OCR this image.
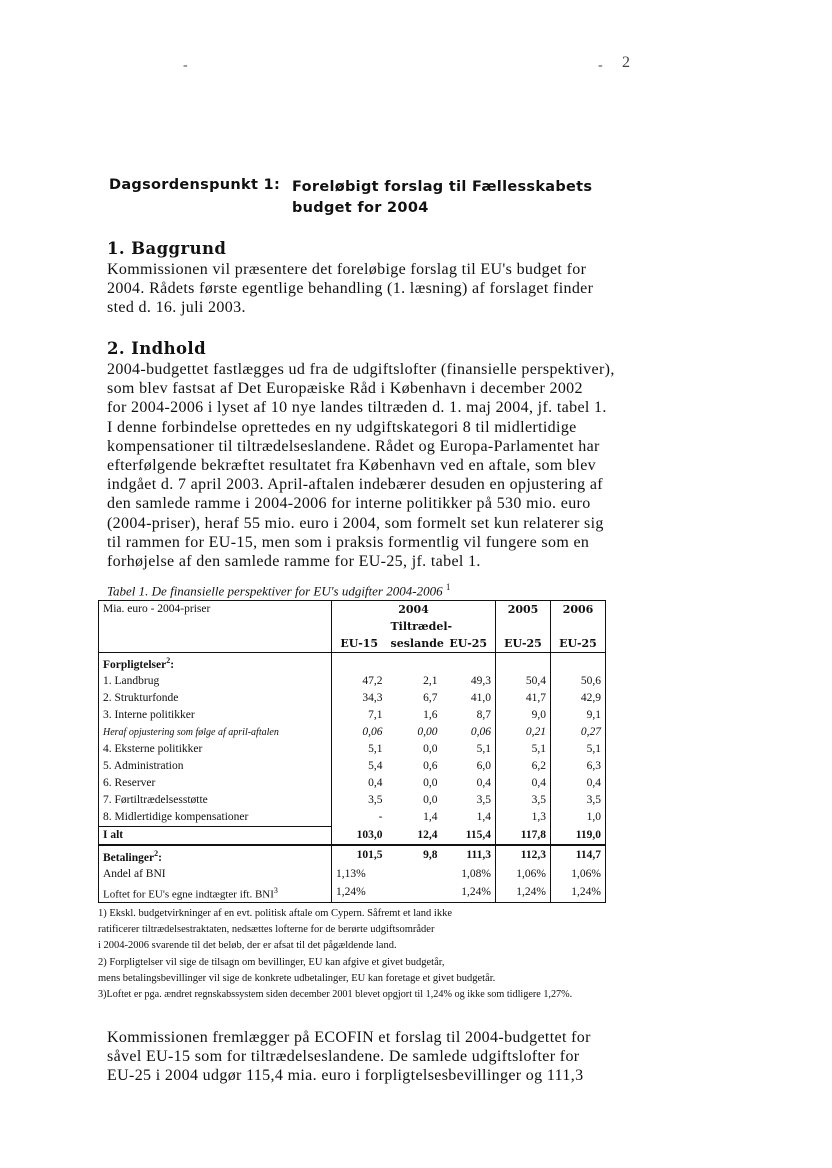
-	- 2
Dagsordenspunkt 1: Foreløbigt forslag til Fællesskabets budget for 2004
1. Baggrund

Kommissionen vil præsentere det foreløbige forslag til EU's budget for

2004. Rådets første egentlige behandling (1. læsning) af forslaget finder

sted d. 16. juli 2003.

2. Indhold

2004-budgettet fastlægges ud fra de udgiftslofter (finansielle perspektiver),

som blev fastsat af Det Europæiske Råd i København i december 2002

for 2004-2006 i lyset af 10 nye landes tiltræden d. 1. maj 2004, jf. tabel 1.

I denne forbindelse oprettedes en ny udgiftskategori 8 til midlertidige

kompensationer til tiltrædelseslandene. Rådet og Europa-Parlamentet har

efterfølgende bekræftet resultatet fra København ved en aftale, som blev

indgået d. 7 april 2003. April-aftalen indebærer desuden en opjustering af

den samlede ramme i 2004-2006 for interne politikker på 530 mio. euro

(2004-priser), heraf 55 mio. euro i 2004, som formelt set kun relaterer sig

til rammen for EU-15, men som i praksis formentlig vil fungere som en

forhøjelse af den samlede ramme for EU-25, jf. tabel 1.

Tabel 1. De finansielle perspektiver for EU's udgifter 2004-2006 $^1$
Mia. euro - 2004-priser	2004			2005	2006
		Tiltrædel-			
	EU-15	seslande	EU-25	EU-25	EU-25
Forpligtelser$^2$:					
1. Landbrug	47,2	2,1	49,3	50,4	50,6
2. Strukturfonde	34,3	6,7	41,0	41,7	42,9
3. Interne politikker	7,1	1,6	8,7	9,0	9,1
Heraf opjustering som følge af april-aftalen	0,06	0,00	0,06	0,21	0,27
4. Eksterne politikker	5,1	0,0	5,1	5,1	5,1
5. Administration	5,4	0,6	6,0	6,2	6,3
6. Reserver	0,4	0,0	0,4	0,4	0,4
7. Førtiltrædelsesstøtte	3,5	0,0	3,5	3,5	3,5
8. Midlertidige kompensationer	-	1,4	1,4	1,3	1,0
I alt	103,0	12,4	115,4	117,8	119,0
Betalinger$^2$:	101,5	9,8	111,3	112,3	114,7
Andel af BNI	1,13%		1,08%	1,06%	1,06%
Loftet for EU's egne indtægter ift. BNI$^3$	1,24%		1,24%	1,24%	1,24%

1) Ekskl. budgetvirkninger af en evt. politisk aftale om Cypern. Såfremt et land ikke

ratificerer tiltrædelsestraktaten, nedsættes lofterne for de berørte udgiftsområder

i 2004-2006 svarende til det beløb, der er afsat til det pågældende land.

2) Forpligtelser vil sige de tilsagn om bevillinger, EU kan afgive et givet budgetår,

mens betalingsbevillinger vil sige de konkrete udbetalinger, EU kan foretage et givet budgetår.

3)Loftet er pga. ændret regnskabssystem siden december 2001 blevet opgjort til 1,24% og ikke som tidligere 1,27%.

Kommissionen fremlægger på ECOFIN et forslag til 2004-budgettet for

såvel EU-15 som for tiltrædelseslandene. De samlede udgiftslofter for

EU-25 i 2004 udgør 115,4 mia. euro i forpligtelsesbevillinger og 111,3
